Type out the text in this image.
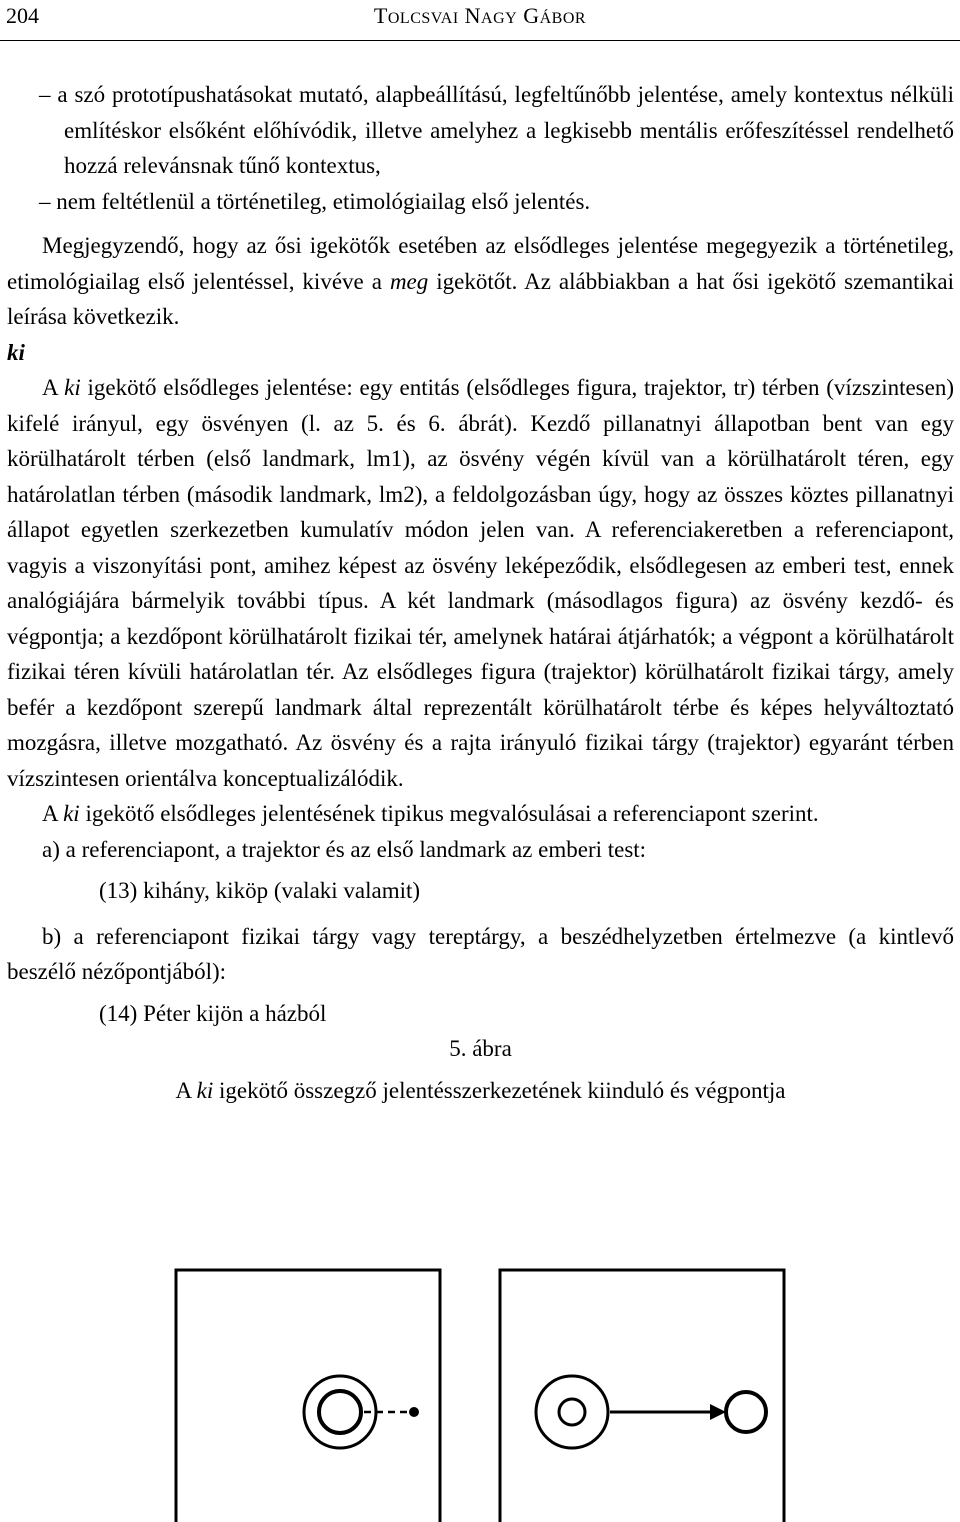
204	TOLCSVAI NAGY GÁBOR

– a szó prototípushatásokat mutató, alapbeállítású, legfeltűnőbb jelentése, amely kontextus nélküli említéskor elsőként előhívódik, illetve amelyhez a legkisebb mentális erőfeszítéssel rendelhető hozzá relevánsnak tűnő kontextus,

– nem feltétlenül a történetileg, etimológiailag első jelentés.

Megjegyzendő, hogy az ősi igekötők esetében az elsődleges jelentése megegyezik a történetileg, etimológiailag első jelentéssel, kivéve a meg igekötőt. Az alábbiakban a hat ősi igekötő szemantikai leírása következik.

ki

A ki igekötő elsődleges jelentése: egy entitás (elsődleges figura, trajektor, tr) térben (vízszintesen) kifelé irányul, egy ösvényen (l. az 5. és 6. ábrát). Kezdő pillanatnyi állapotban bent van egy körülhatárolt térben (első landmark, lm1), az ösvény végén kívül van a körülhatárolt téren, egy határolatlan térben (második landmark, lm2), a feldolgozásban úgy, hogy az összes köztes pillanatnyi állapot egyetlen szerkezetben kumulatív módon jelen van. A referenciakeretben a referenciapont, vagyis a viszonyítási pont, amihez képest az ösvény leképeződik, elsődlegesen az emberi test, ennek analógiájára bármelyik további típus. A két landmark (másodlagos figura) az ösvény kezdő- és végpontja; a kezdőpont körülhatárolt fizikai tér, amelynek határai átjárhatók; a végpont a körülhatárolt fizikai téren kívüli határolatlan tér. Az elsődleges figura (trajektor) körülhatárolt fizikai tárgy, amely befér a kezdőpont szerepű landmark által reprezentált körülhatárolt térbe és képes helyváltoztató mozgásra, illetve mozgatható. Az ösvény és a rajta irányuló fizikai tárgy (trajektor) egyaránt térben vízszintesen orientálva konceptualizálódik.

A ki igekötő elsődleges jelentésének tipikus megvalósulásai a referenciapont szerint.

a) a referenciapont, a trajektor és az első landmark az emberi test:

(13) kihány, kiköp (valaki valamit)

b) a referenciapont fizikai tárgy vagy tereptárgy, a beszédhelyzetben értelmezve (a kintlevő beszélő nézőpontjából):

(14) Péter kijön a házból

5. ábra

A ki igekötő összegző jelentésszerkezetének kiinduló és végpontja
